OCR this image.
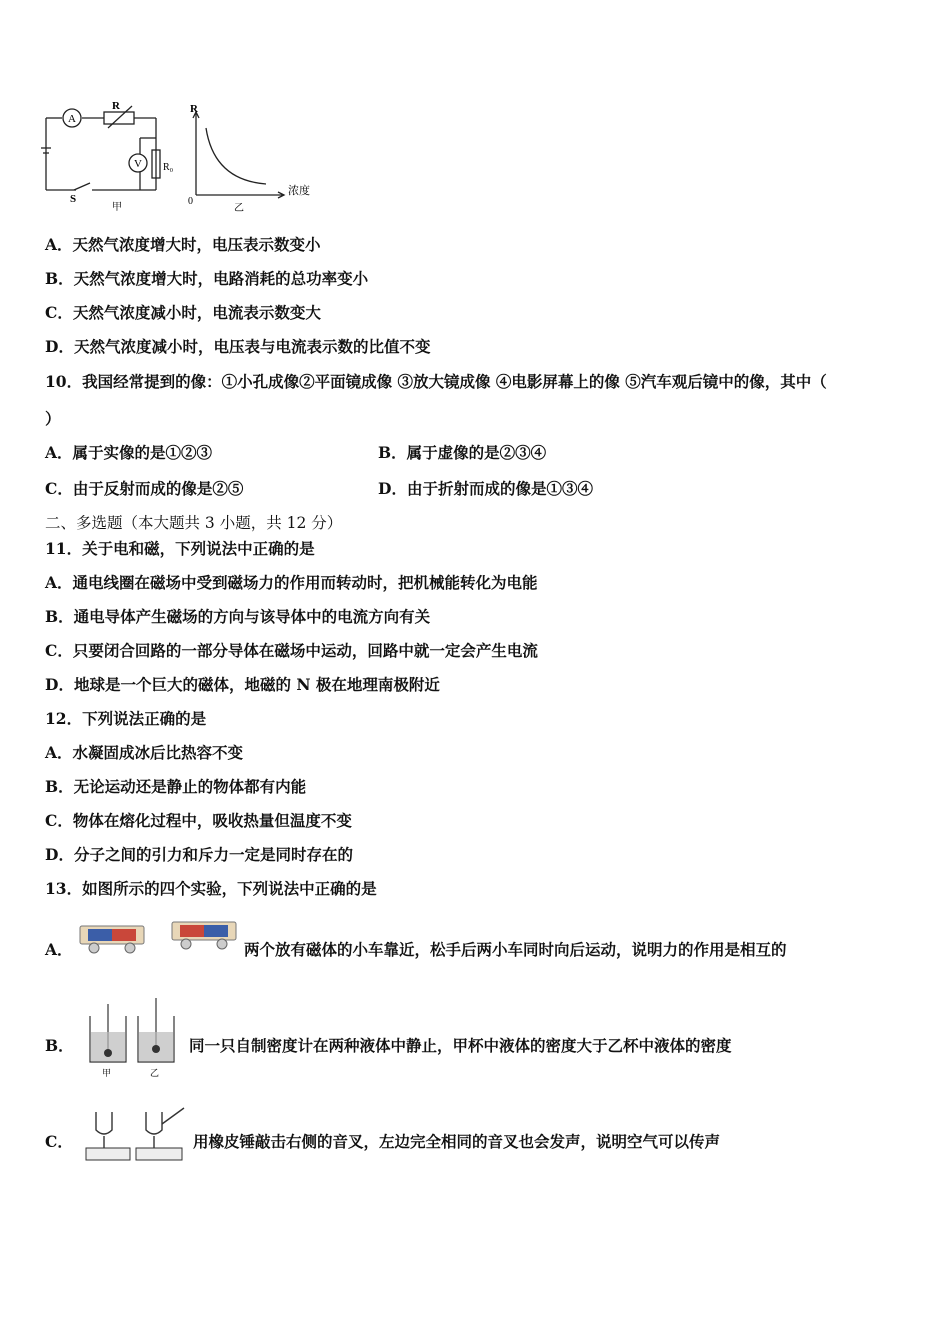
A
V
R
R₀
S
甲
R
0
浓度
乙
A．天然气浓度增大时，电压表示数变小
B．天然气浓度增大时，电路消耗的总功率变小
C．天然气浓度减小时，电流表示数变大
D．天然气浓度减小时，电压表与电流表示数的比值不变
10．我国经常提到的像：①小孔成像②平面镜成像 ③放大镜成像 ④电影屏幕上的像 ⑤汽车观后镜中的像，其中（
）
A．属于实像的是①②③	B．属于虚像的是②③④
C．由于反射而成的像是②⑤	D．由于折射而成的像是①③④
二、多选题（本大题共 3 小题，共 12 分）
11．关于电和磁，下列说法中正确的是
A．通电线圈在磁场中受到磁场力的作用而转动时，把机械能转化为电能
B．通电导体产生磁场的方向与该导体中的电流方向有关
C．只要闭合回路的一部分导体在磁场中运动，回路中就一定会产生电流
D．地球是一个巨大的磁体，地磁的 N 极在地理南极附近
12．下列说法正确的是
A．水凝固成冰后比热容不变
B．无论运动还是静止的物体都有内能
C．物体在熔化过程中，吸收热量但温度不变
D．分子之间的引力和斥力一定是同时存在的
13．如图所示的四个实验，下列说法中正确的是
A．	两个放有磁体的小车靠近，松手后两小车同时向后运动，说明力的作用是相互的
B．
甲	乙
同一只自制密度计在两种液体中静止，甲杯中液体的密度大于乙杯中液体的密度
C．	用橡皮锤敲击右侧的音叉，左边完全相同的音叉也会发声，说明空气可以传声
